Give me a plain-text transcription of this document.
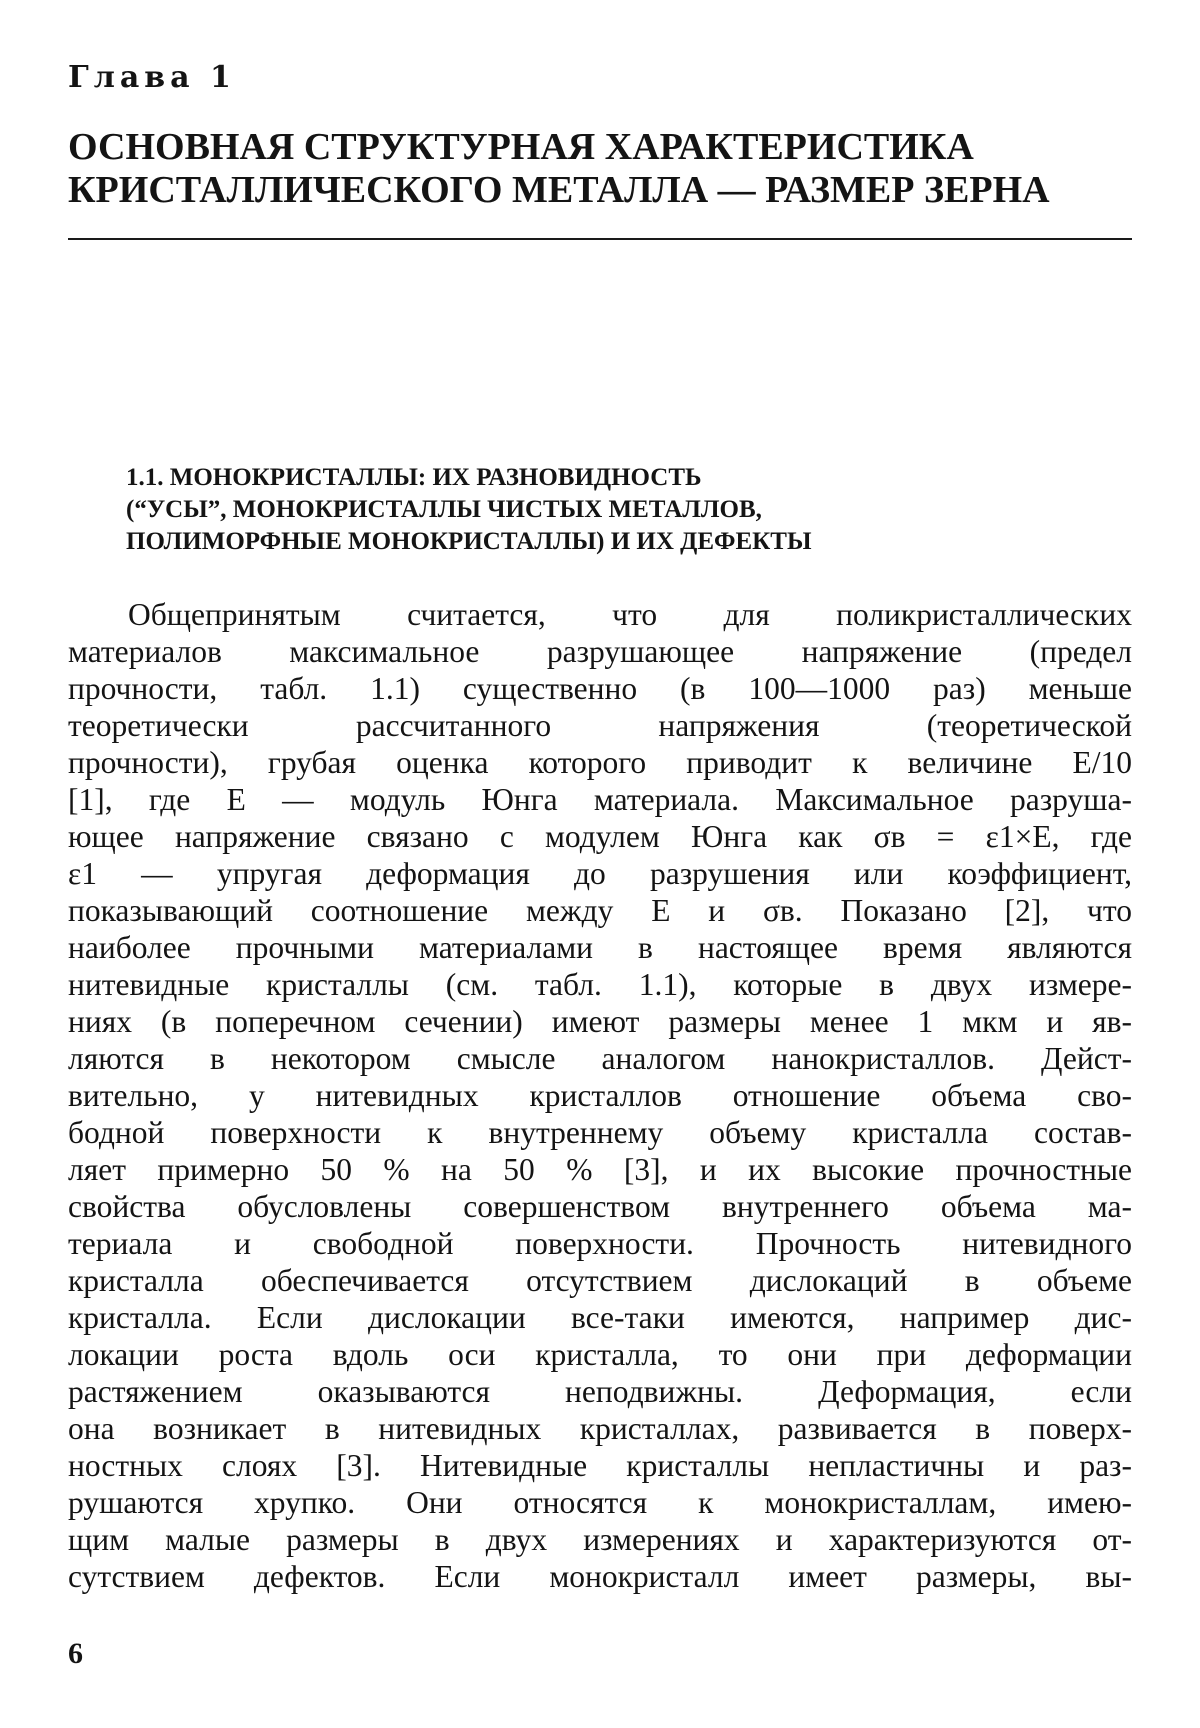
Глава 1
ОСНОВНАЯ СТРУКТУРНАЯ ХАРАКТЕРИСТИКА
КРИСТАЛЛИЧЕСКОГО МЕТАЛЛА — РАЗМЕР ЗЕРНА
1.1. МОНОКРИСТАЛЛЫ: ИХ РАЗНОВИДНОСТЬ
(“УСЫ”, МОНОКРИСТАЛЛЫ ЧИСТЫХ МЕТАЛЛОВ,
ПОЛИМОРФНЫЕ МОНОКРИСТАЛЛЫ) И ИХ ДЕФЕКТЫ
Общепринятым считается, что для поликристаллических
материалов максимальное разрушающее напряжение (предел
прочности, табл. 1.1) существенно (в 100—1000 раз) меньше
теоретически рассчитанного напряжения (теоретической
прочности), грубая оценка которого приводит к величине E/10
[1], где E — модуль Юнга материала. Максимальное разруша-
ющее напряжение связано с модулем Юнга как σв = ε1×E, где
ε1 — упругая деформация до разрушения или коэффициент,
показывающий соотношение между E и σв. Показано [2], что
наиболее прочными материалами в настоящее время являются
нитевидные кристаллы (см. табл. 1.1), которые в двух измере-
ниях (в поперечном сечении) имеют размеры менее 1 мкм и яв-
ляются в некотором смысле аналогом нанокристаллов. Дейст-
вительно, у нитевидных кристаллов отношение объема сво-
бодной поверхности к внутреннему объему кристалла состав-
ляет примерно 50 % на 50 % [3], и их высокие прочностные
свойства обусловлены совершенством внутреннего объема ма-
териала и свободной поверхности. Прочность нитевидного
кристалла обеспечивается отсутствием дислокаций в объеме
кристалла. Если дислокации все-таки имеются, например дис-
локации роста вдоль оси кристалла, то они при деформации
растяжением оказываются неподвижны. Деформация, если
она возникает в нитевидных кристаллах, развивается в поверх-
ностных слоях [3]. Нитевидные кристаллы непластичны и раз-
рушаются хрупко. Они относятся к монокристаллам, имею-
щим малые размеры в двух измерениях и характеризуются от-
сутствием дефектов. Если монокристалл имеет размеры, вы-
6
